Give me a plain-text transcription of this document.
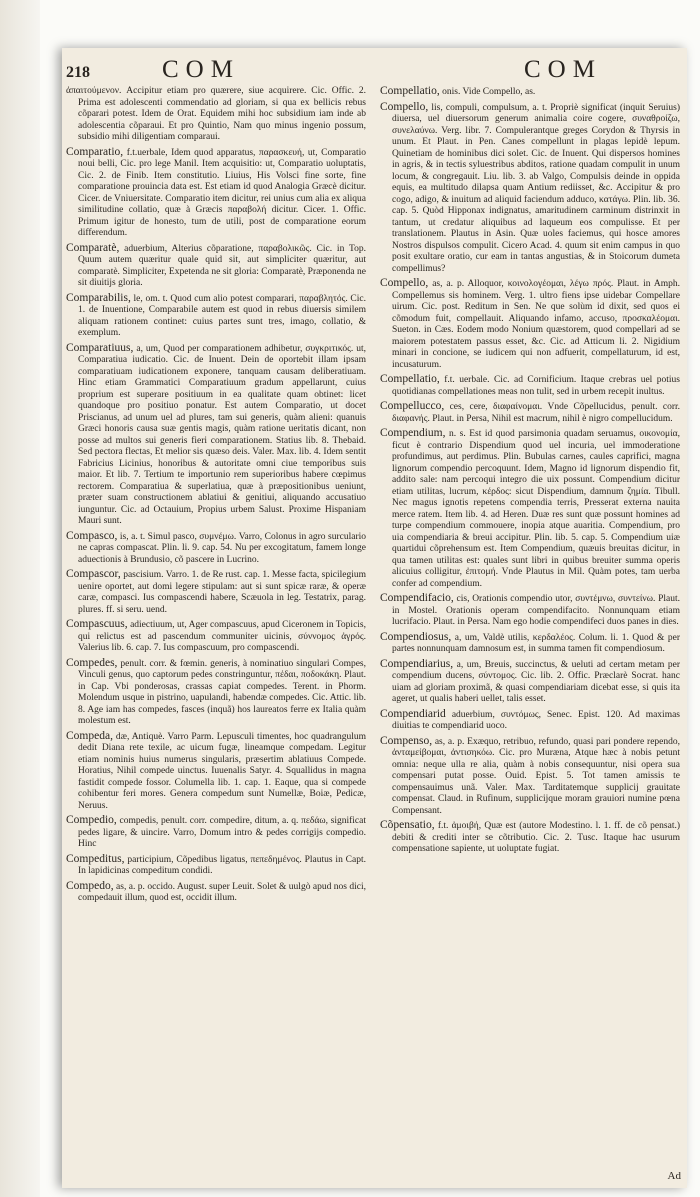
218	COM	COM

ἀπαιτούμενον. Accipitur etiam pro quærere, siue acquirere. Cic. Offic. 2. Prima est adolescenti commendatio ad gloriam, si qua ex bellicis rebus cõparari potest. Idem de Orat. Equidem mihi hoc subsidium iam inde ab adolescentia cõparaui. Et pro Quintio, Nam quo minus ingenio possum, subsidio mihi diligentiam comparaui.

Comparatio, f.t.uerbale, Idem quod apparatus, παρασκευή, ut, Comparatio noui belli, Cic. pro lege Manil. Item acquisitio: ut, Comparatio uoluptatis, Cic. 2. de Finib. Item constitutio. Liuius, His Volsci fine sorte, fine comparatione prouincia data est. Est etiam id quod Analogia Græcè dicitur. Cicer. de Vniuersitate. Comparatio item dicitur, rei unius cum alia ex aliqua similitudine collatio, quæ à Græcis παραβολή dicitur. Cicer. 1. Offic. Primum igitur de honesto, tum de utili, post de comparatione eorum differendum.

Comparatè, aduerbium, Alterius cõparatione, παραβολικῶς. Cic. in Top. Quum autem quæritur quale quid sit, aut simpliciter quæritur, aut comparatè. Simpliciter, Expetenda ne sit gloria: Comparatè, Præponenda ne sit diuitijs gloria.

Comparabilis, le, om. t. Quod cum alio potest comparari, παραβλητός. Cic. 1. de Inuentione, Comparabile autem est quod in rebus diuersis similem aliquam rationem continet: cuius partes sunt tres, imago, collatio, & exemplum.

Comparatiuus, a, um, Quod per comparationem adhibetur, συγκριτικός. ut, Comparatiua iudicatio. Cic. de Inuent. Dein de oportebit illam ipsam comparatiuam iudicationem exponere, tanquam causam deliberatiuam. Hinc etiam Grammatici Comparatiuum gradum appellarunt, cuius proprium est superare positiuum in ea qualitate quam obtinet: licet quandoque pro positiuo ponatur. Est autem Comparatio, ut docet Priscianus, ad unum uel ad plures, tam sui generis, quàm alieni: quanuis Græci honoris causa suæ gentis magis, quàm ratione ueritatis dicant, non posse ad multos sui generis fieri comparationem. Statius lib. 8. Thebaid. Sed pectora flectas, Et melior sis quæso deis. Valer. Max. lib. 4. Idem sentit Fabricius Licinius, honoribus & autoritate omni ciue temporibus suis maior. Et lib. 7. Tertium te importunio rem superioribus habere cœpimus rectorem. Comparatiua & superlatiua, quæ à præpositionibus ueniunt, præter suam constructionem ablatiui & genitiui, aliquando accusatiuo iunguntur. Cic. ad Octauium, Propius urbem Salust. Proxime Hispaniam Mauri sunt.

Compasco, is, a. t. Simul pasco, συμνέμω. Varro, Colonus in agro surculario ne capras compascat. Plin. li. 9. cap. 54. Nu per excogitatum, famem longe aduectionis à Brundusio, cõ pascere in Lucrino.

Compascor, pascisium. Varro. 1. de Re rust. cap. 1. Messe facta, spicilegium uenire oportet, aut domi legere stipulam: aut si sunt spicæ raræ, & operæ caræ, compasci. Ius compascendi habere, Scæuola in leg. Testatrix, parag. plures. ff. si seru. uend.

Compascuus, adiectiuum, ut, Ager compascuus, apud Ciceronem in Topicis, qui relictus est ad pascendum communiter uicinis, σύννομος ἀγρός. Valerius lib. 6. cap. 7. Ius compascuum, pro compascendi.

Compedes, penult. corr. & fœmin. generis, à nominatiuo singulari Compes, Vinculi genus, quo captorum pedes constringuntur, πέδαι, ποδοκάκη. Plaut. in Cap. Vbi ponderosas, crassas capiat compedes. Terent. in Phorm. Molendum usque in pistrino, uapulandi, habendæ compedes. Cic. Attic. lib. 8. Age iam has compedes, fasces (inquã) hos laureatos ferre ex Italia quàm molestum est.

Compeda, dæ, Antiquè. Varro Parm. Lepusculi timentes, hoc quadrangulum dedit Diana rete texile, ac uicum fugæ, lineamque compedam. Legitur etiam nominis huius numerus singularis, præsertim ablatiuus Compede. Horatius, Nihil compede uinctus. Iuuenalis Satyr. 4. Squallidus in magna fastidit compede fossor. Columella lib. 1. cap. 1. Eaque, qua si compede cohibentur feri mores. Genera compedum sunt Numellæ, Boiæ, Pedicæ, Neruus.

Compedio, compedis, penult. corr. compedire, ditum, a. q. πεδάω, significat pedes ligare, & uincire. Varro, Domum intro & pedes corrigijs compedio. Hinc

Compeditus, participium, Cõpedibus ligatus, πεπεδημένος. Plautus in Capt. In lapidicinas compeditum condidi.

Compedo, as, a. p. occido. August. super Leuit. Solet & uulgò apud nos dici, compedauit illum, quod est, occidit illum.

Compellatio, onis. Vide Compello, as.

Compello, lis, compuli, compulsum, a. t. Propriè significat (inquit Seruius) diuersa, uel diuersorum generum animalia coire cogere, συναθροίζω, συνελαύνω. Verg. libr. 7. Compulerantque greges Corydon & Thyrsis in unum. Et Plaut. in Pen. Canes compellunt in plagas lepidè lepum. Quinetiam de hominibus dici solet. Cic. de Inuent. Qui dispersos homines in agris, & in tectis syluestribus abditos, ratione quadam compulit in unum locum, & congregauit. Liu. lib. 3. ab Valgo, Compulsis deinde in oppida equis, ea multitudo dilapsa quam Antium rediisset, &c. Accipitur & pro cogo, adigo, & inuitum ad aliquid faciendum adduco, κατάγω. Plin. lib. 36. cap. 5. Quòd Hipponax indignatus, amaritudinem carminum distrinxit in tantum, ut credatur aliquibus ad laqueum eos compulisse. Et per translationem. Plautus in Asin. Quæ uoles faciemus, qui hosce amores Nostros dispulsos compulit. Cicero Acad. 4. quum sit enim campus in quo posit exultare oratio, cur eam in tantas angustias, & in Stoicorum dumeta compellimus?

Compello, as, a. p. Alloquor, κοινολογέομαι, λέγω πρός. Plaut. in Amph. Compellemus sis hominem. Verg. 1. ultro fiens ipse uidebar Compellare uirum. Cic. post. Reditum in Sen. Ne que solùm id dixit, sed quos ei cõmodum fuit, compellauit. Aliquando infamo, accuso, προσκαλέομαι. Sueton. in Cæs. Eodem modo Nonium quæstorem, quod compellari ad se maiorem potestatem passus esset, &c. Cic. ad Atticum li. 2. Nigidium minari in concione, se iudicem qui non adfuerit, compellaturum, id est, incusaturum.

Compellatio, f.t. uerbale. Cic. ad Cornificium. Itaque crebras uel potius quotidianas compellationes meas non tulit, sed in urbem recepit inultus.

Compellucco, ces, cere, διαφαίνομαι. Vnde Cõpellucidus, penult. corr. διαφανής. Plaut. in Persa, Nihil est macrum, nihil è nigro compellucidum.

Compendium, n. s. Est id quod parsimonia quadam seruamus, οικονομία, ficut è contrario Dispendium quod uel incuria, uel immoderatione profundimus, aut perdimus. Plin. Bubulas carnes, caules caprifici, magna lignorum compendio percoquunt. Idem, Magno id lignorum dispendio fit, addito sale: nam percoqui integro die uix possunt. Compendium dicitur etiam utilitas, lucrum, κέρδος: sicut Dispendium, damnum ζημία. Tibull. Nec magus ignotis repetens compendia terris, Presserat externa nauita merce ratem. Item lib. 4. ad Heren. Duæ res sunt quæ possunt homines ad turpe compendium commouere, inopia atque auaritia. Compendium, pro uia compendiaria & breui accipitur. Plin. lib. 5. cap. 5. Compendium uiæ quartidui cõprehensum est. Item Compendium, quæuis breuitas dicitur, in qua tamen utilitas est: quales sunt libri in quibus breuiter summa operis alicuius colligitur, ἐπιτομή. Vnde Plautus in Mil. Quàm potes, tam uerba confer ad compendium.

Compendifacio, cis, Orationis compendio utor, συντέμνω, συντείνω. Plaut. in Mostel. Orationis operam compendifacito. Nonnunquam etiam lucrifacio. Plaut. in Persa. Nam ego hodie compendifeci duos panes in dies.

Compendiosus, a, um, Valdè utilis, κερδαλέος. Colum. li. 1. Quod & per partes nonnunquam damnosum est, in summa tamen fit compendiosum.

Compendiarius, a, um, Breuis, succinctus, & ueluti ad certam metam per compendium ducens, σύντομος. Cic. lib. 2. Offic. Præclarè Socrat. hanc uiam ad gloriam proximã, & quasi compendiariam dicebat esse, si quis ita ageret, ut qualis haberi uellet, talis esset.

Compendiarid aduerbium, συντόμως, Senec. Epist. 120. Ad maximas diuitias te compendiarid uoco.

Compenso, as, a. p. Exæquo, retribuo, refundo, quasi pari pondere rependo, ἀνταμείβομαι, ἀντισηκόω. Cic. pro Muræna, Atque hæc à nobis petunt omnia: neque ulla re alia, quàm à nobis consequuntur, nisi opera sua compensari putat posse. Ouid. Epist. 5. Tot tamen amissis te compensauimus unã. Valer. Max. Tarditatemque supplicij grauitate compensat. Claud. in Rufinum, supplicijque moram grauiori numine pœna Compensant.

Cõpensatio, f.t. ἀμοιβή, Quæ est (autore Modestino. l. 1. ff. de cõ pensat.) debiti & crediti inter se cõtributio. Cic. 2. Tusc. Itaque hac usurum compensatione sapiente, ut uoluptate fugiat.

Ad
